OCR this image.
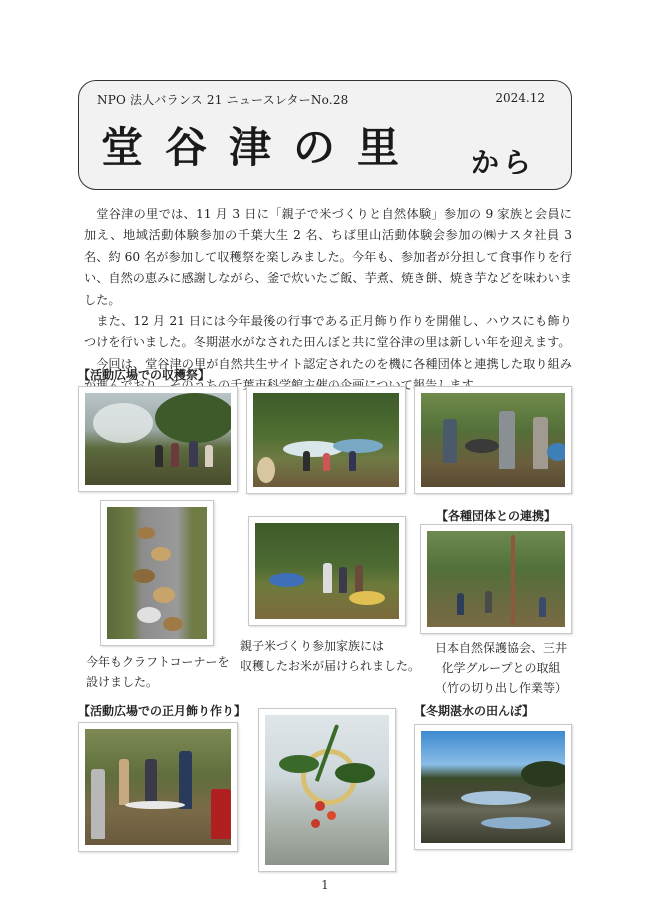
NPO 法人バランス 21 ニュースレターNo.28	2024.12
堂谷津の里 から

堂谷津の里では、11 月 3 日に「親子で米づくりと自然体験」参加の 9 家族と会員に加え、地域活動体験参加の千葉大生 2 名、ちば里山活動体験会参加の㈱ナスタ社員 3 名、約 60 名が参加して収穫祭を楽しみました。今年も、参加者が分担して食事作りを行い、自然の恵みに感謝しながら、釜で炊いたご飯、芋煮、焼き餅、焼き芋などを味わいました。

また、12 月 21 日には今年最後の行事である正月飾り作りを開催し、ハウスにも飾りつけを行いました。冬期湛水がなされた田んぼと共に堂谷津の里は新しい年を迎えます。

今回は、堂谷津の里が自然共生サイト認定されたのを機に各種団体と連携した取り組み て報

【活動広場での収穫祭】
【各種団体との連携】
今年もクラフトコーナーを
設けました。
親子米づくり参加家族には
収穫したお米が届けられました。
日本自然保護協会、三井
化学グループとの取組
（竹の切り出し作業等）
【活動広場での正月飾り作り】	【冬期湛水の田んぼ】
1
